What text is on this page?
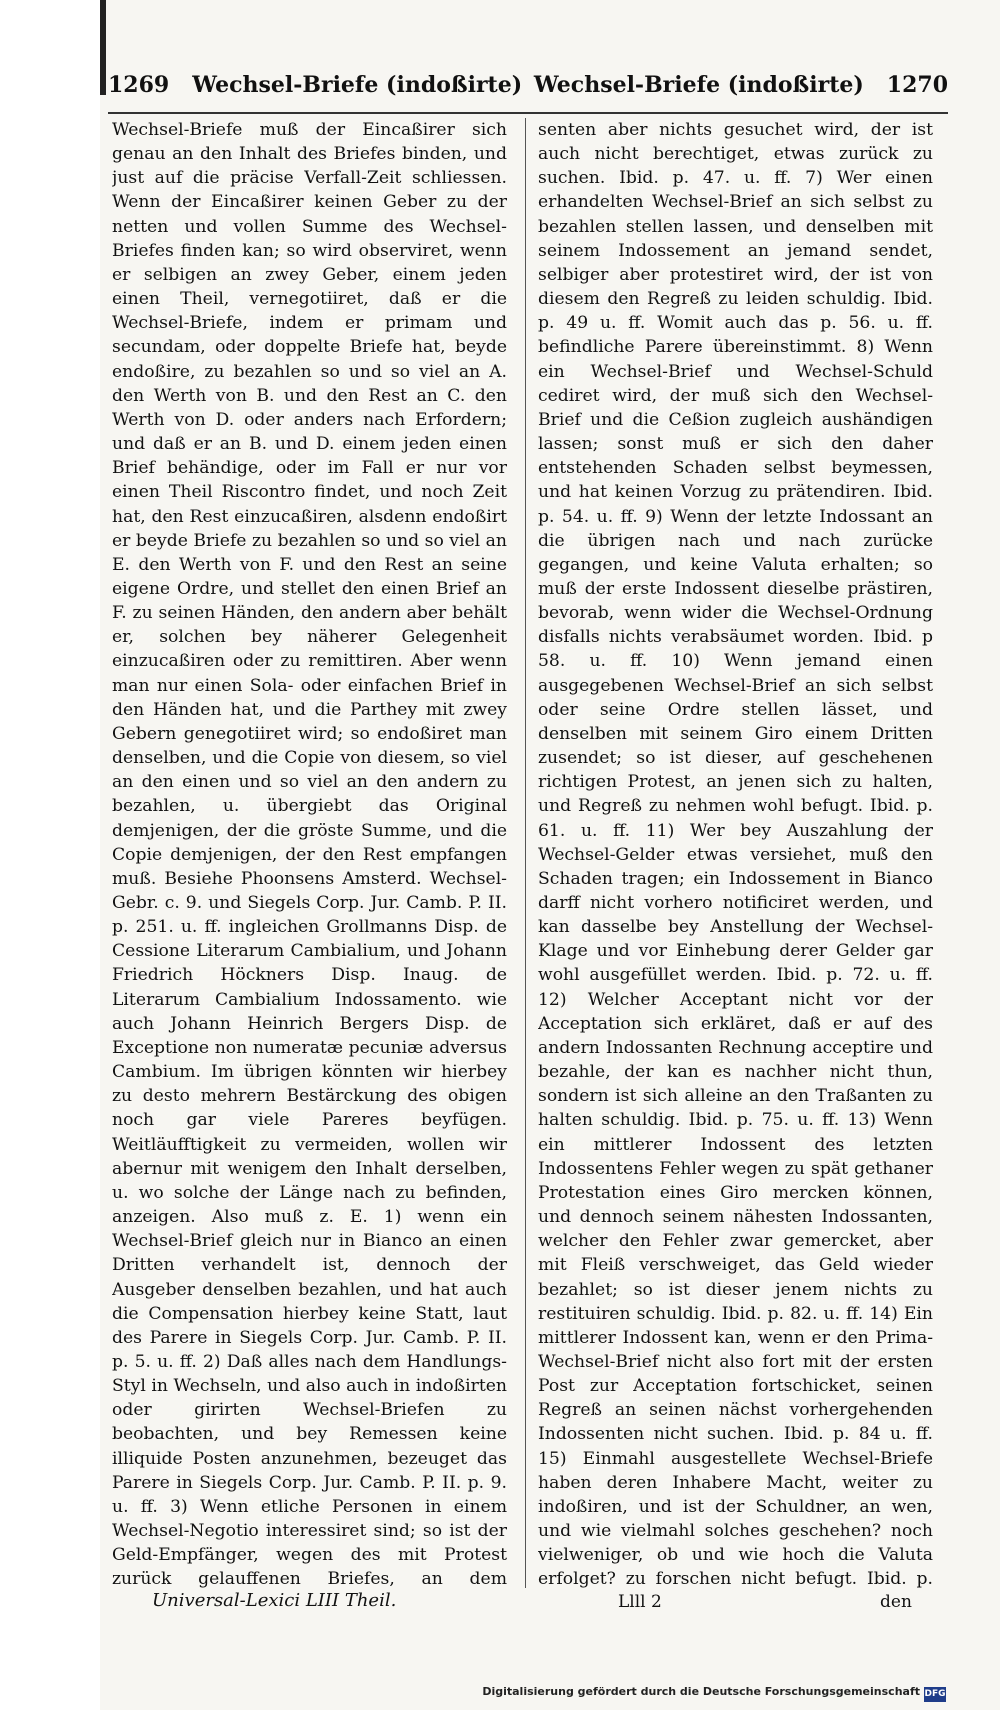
1269 Wechsel-Briefe (indoßirte) Wechsel-Briefe (indoßirte) 1270

Wechsel-Briefe muß der Eincaßirer sich genau an den Inhalt des Briefes binden, und just auf die präcise Verfall-Zeit schliessen. Wenn der Eincaßirer keinen Geber zu der netten und vollen Summe des Wechsel-Briefes finden kan; so wird observiret, wenn er selbigen an zwey Geber, einem jeden einen Theil, vernegotiiret, daß er die Wechsel-Briefe, indem er primam und secundam, oder doppelte Briefe hat, beyde endoßire, zu bezahlen so und so viel an A. den Werth von B. und den Rest an C. den Werth von D. oder anders nach Erfordern; und daß er an B. und D. einem jeden einen Brief behändige, oder im Fall er nur vor einen Theil Riscontro findet, und noch Zeit hat, den Rest einzucaßiren, alsdenn endoßirt er beyde Briefe zu bezahlen so und so viel an E. den Werth von F. und den Rest an seine eigene Ordre, und stellet den einen Brief an F. zu seinen Händen, den andern aber behält er, solchen bey näherer Gelegenheit einzucaßiren oder zu remittiren. Aber wenn man nur einen Sola- oder einfachen Brief in den Händen hat, und die Parthey mit zwey Gebern genegotiiret wird; so endoßiret man denselben, und die Copie von diesem, so viel an den einen und so viel an den andern zu bezahlen, u. übergiebt das Original demjenigen, der die gröste Summe, und die Copie demjenigen, der den Rest empfangen muß. Besiehe Phoonsens Amsterd. Wechsel-Gebr. c. 9. und Siegels Corp. Jur. Camb. P. II. p. 251. u. ff. ingleichen Grollmanns Disp. de Cessione Literarum Cambialium, und Johann Friedrich Höckners Disp. Inaug. de Literarum Cambialium Indossamento. wie auch Johann Heinrich Bergers Disp. de Exceptione non numeratæ pecuniæ adversus Cambium. Im übrigen könnten wir hierbey zu desto mehrern Bestärckung des obigen noch gar viele Pareres beyfügen. Weitläufftigkeit zu vermeiden, wollen wir abernur mit wenigem den Inhalt derselben, u. wo solche der Länge nach zu befinden, anzeigen. Also muß z. E. 1) wenn ein Wechsel-Brief gleich nur in Bianco an einen Dritten verhandelt ist, dennoch der Ausgeber denselben bezahlen, und hat auch die Compensation hierbey keine Statt, laut des Parere in Siegels Corp. Jur. Camb. P. II. p. 5. u. ff. 2) Daß alles nach dem Handlungs-Styl in Wechseln, und also auch in indoßirten oder girirten Wechsel-Briefen zu beobachten, und bey Remessen keine illiquide Posten anzunehmen, bezeuget das Parere in Siegels Corp. Jur. Camb. P. II. p. 9. u. ff. 3) Wenn etliche Personen in einem Wechsel-Negotio interessiret sind; so ist der Geld-Empfänger, wegen des mit Protest zurück gelauffenen Briefes, an dem

senten aber nichts gesuchet wird, der ist auch nicht berechtiget, etwas zurück zu suchen. Ibid. p. 47. u. ff. 7) Wer einen erhandelten Wechsel-Brief an sich selbst zu bezahlen stellen lassen, und denselben mit seinem Indossement an jemand sendet, selbiger aber protestiret wird, der ist von diesem den Regreß zu leiden schuldig. Ibid. p. 49 u. ff. Womit auch das p. 56. u. ff. befindliche Parere übereinstimmt. 8) Wenn ein Wechsel-Brief und Wechsel-Schuld cediret wird, der muß sich den Wechsel-Brief und die Ceßion zugleich aushändigen lassen; sonst muß er sich den daher entstehenden Schaden selbst beymessen, und hat keinen Vorzug zu prätendiren. Ibid. p. 54. u. ff. 9) Wenn der letzte Indossant an die übrigen nach und nach zurücke gegangen, und keine Valuta erhalten; so muß der erste Indossent dieselbe prästiren, bevorab, wenn wider die Wechsel-Ordnung disfalls nichts verabsäumet worden. Ibid. p 58. u. ff. 10) Wenn jemand einen ausgegebenen Wechsel-Brief an sich selbst oder seine Ordre stellen lässet, und denselben mit seinem Giro einem Dritten zusendet; so ist dieser, auf geschehenen richtigen Protest, an jenen sich zu halten, und Regreß zu nehmen wohl befugt. Ibid. p. 61. u. ff. 11) Wer bey Auszahlung der Wechsel-Gelder etwas versiehet, muß den Schaden tragen; ein Indossement in Bianco darff nicht vorhero notificiret werden, und kan dasselbe bey Anstellung der Wechsel-Klage und vor Einhebung derer Gelder gar wohl ausgefüllet werden. Ibid. p. 72. u. ff. 12) Welcher Acceptant nicht vor der Acceptation sich erkläret, daß er auf des andern Indossanten Rechnung acceptire und bezahle, der kan es nachher nicht thun, sondern ist sich alleine an den Traßanten zu halten schuldig. Ibid. p. 75. u. ff. 13) Wenn ein mittlerer Indossent des letzten Indossentens Fehler wegen zu spät gethaner Protestation eines Giro mercken können, und dennoch seinem nähesten Indossanten, welcher den Fehler zwar gemercket, aber mit Fleiß verschweiget, das Geld wieder bezahlet; so ist dieser jenem nichts zu restituiren schuldig. Ibid. p. 82. u. ff. 14) Ein mittlerer Indossent kan, wenn er den Prima-Wechsel-Brief nicht also fort mit der ersten Post zur Acceptation fortschicket, seinen Regreß an seinen nächst vorhergehenden Indossenten nicht suchen. Ibid. p. 84 u. ff. 15) Einmahl ausgestellete Wechsel-Briefe haben deren Inhabere Macht, weiter zu indoßiren, und ist der Schuldner, an wen, und wie vielmahl solches geschehen? noch vielweniger, ob und wie hoch die Valuta erfolget? zu forschen nicht befugt. Ibid. p.

Universal-Lexici LIII Theil.	Llll 2	den
Digitalisierung gefördert durch die Deutsche Forschungsgemeinschaft DFG
